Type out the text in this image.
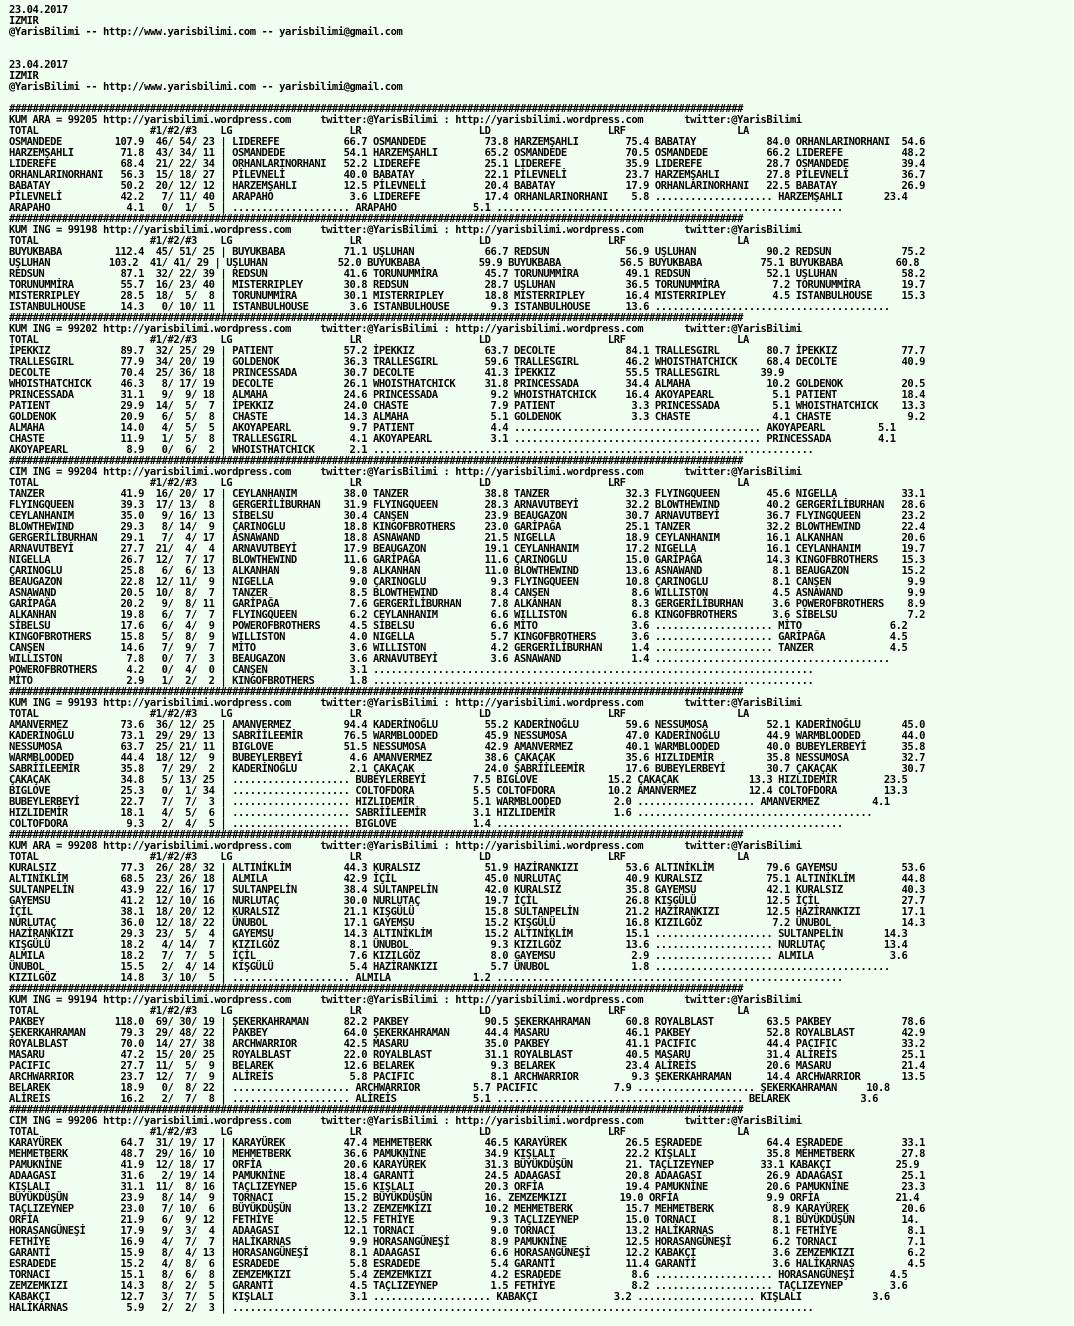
23.04.2017
IZMIR
@YarisBilimi -- http://www.yarisbilimi.com -- yarisbilimi@gmail.com

23.04.2017
IZMIR
@YarisBilimi -- http://www.yarisbilimi.com -- yarisbilimi@gmail.com

#############################################################################################################################
KUM ARA = 99205 http://yarisbilimi.wordpress.com     twitter:@YarisBilimi : http://yarisbilimi.wordpress.com       twitter:@YarisBilimi
TOTAL                   #1/#2/#3    LG                    LR                    LD                    LRF                   LA
OSMANDEDE         107.9  46/ 54/ 23 | LIDEREFE           66.7 OSMANDEDE          73.8 HARZEMŞAHLI        75.4 BABATAY            84.0 ORHANLARINORHANI  54.6
HARZEMŞAHLI        71.8  43/ 34/ 11 | OSMANDEDE          54.1 HARZEMŞAHLI        65.2 OSMANDEDE          70.5 OSMANDEDE          66.2 LIDEREFE          48.2
LIDEREFE           68.4  21/ 22/ 34 | ORHANLARINORHANI   52.2 LIDEREFE           25.1 LIDEREFE           35.9 LIDEREFE           28.7 OSMANDEDE         39.4
ORHANLARINORHANI   56.3  15/ 18/ 27 | PİLEVNELİ          40.0 BABATAY            22.1 PİLEVNELİ          23.7 HARZEMŞAHLI        27.8 PİLEVNELİ         36.7
BABATAY            50.2  20/ 12/ 12 | HARZEMŞAHLI        12.5 PİLEVNELİ          20.4 BABATAY            17.9 ORHANLARINORHANI   22.5 BABATAY           26.9
PİLEVNELİ          42.2   7/ 11/ 40 | ARAPAHO             3.6 LIDEREFE           17.4 ORHANLARINORHANI    5.8 .................... HARZEMŞAHLI       23.4
ARAPAHO             4.1   0/  1/  5 | .................... ARAPAHO             5.1 ...........................................................
#############################################################################################################################
KUM ING = 99198 http://yarisbilimi.wordpress.com     twitter:@YarisBilimi : http://yarisbilimi.wordpress.com       twitter:@YarisBilimi
TOTAL                   #1/#2/#3    LG                    LR                    LD                    LRF                   LA
BUYUKBABA         112.4  45/ 51/ 25 | BUYUKBABA          71.1 UŞLUHAN            66.7 REDSUN             56.9 UŞLUHAN            90.2 REDSUN            75.2
UŞLUHAN          103.2  41/ 41/ 29 | UŞLUHAN            52.0 BUYUKBABA          59.9 BUYUKBABA          56.5 BUYUKBABA          75.1 BUYUKBABA         60.8
REDSUN             87.1  32/ 22/ 39 | REDSUN             41.6 TORUNUMMİRA        45.7 TORUNUMMİRA        49.1 REDSUN             52.1 UŞLUHAN           58.2
TORUNUMMİRA        55.7  16/ 23/ 40 | MISTERRIPLEY       30.8 REDSUN             28.7 UŞLUHAN            36.5 TORUNUMMİRA         7.2 TORUNUMMİRA       19.7
MISTERRIPLEY       28.5  18/  5/  8 | TORUNUMMİRA        30.1 MISTERRIPLEY       18.8 MISTERRIPLEY       16.4 MISTERRIPLEY        4.5 ISTANBULHOUSE     15.3
ISTANBULHOUSE      14.3   0/ 10/ 11 | ISTANBULHOUSE       3.6 ISTANBULHOUSE       9.3 ISTANBULHOUSE      13.6 ........................................
#############################################################################################################################
KUM ING = 99202 http://yarisbilimi.wordpress.com     twitter:@YarisBilimi : http://yarisbilimi.wordpress.com       twitter:@YarisBilimi
TOTAL                   #1/#2/#3    LG                    LR                    LD                    LRF                   LA
İPEKKIZ            89.7  32/ 25/ 29 | PATIENT            57.2 İPEKKIZ            63.7 DECOLTE            84.1 TRALLESGIRL        80.7 İPEKKIZ           77.7
TRALLESGIRL        77.9  34/ 20/ 19 | GOLDENOK           36.3 TRALLESGIRL        59.6 TRALLESGIRL        46.2 WHOISTHATCHICK     68.4 DECOLTE           40.9
DECOLTE            70.4  25/ 36/ 18 | PRINCESSADA        30.7 DECOLTE            41.3 İPEKKIZ            55.5 TRALLESGIRL       39.9
WHOISTHATCHICK     46.3   8/ 17/ 19 | DECOLTE            26.1 WHOISTHATCHICK     31.8 PRINCESSADA        34.4 ALMAHA             10.2 GOLDENOK          20.5
PRINCESSADA        31.1   9/  9/ 18 | ALMAHA             24.6 PRINCESSADA         9.2 WHOISTHATCHICK     16.4 AKOYAPEARL          5.1 PATIENT           18.4
PATIENT            29.9  14/  5/  7 | İPEKKIZ            24.0 CHASTE              7.9 PATIENT             3.3 PRINCESSADA         5.1 WHOISTHATCHICK    13.3
GOLDENOK           20.9   6/  5/  8 | CHASTE             14.3 ALMAHA              5.1 GOLDENOK            3.3 CHASTE              4.1 CHASTE             9.2
ALMAHA             14.0   4/  5/  5 | AKOYAPEARL          9.7 PATIENT             4.4 .......................................... AKOYAPEARL         5.1
CHASTE             11.9   1/  5/  8 | TRALLESGIRL         4.1 AKOYAPEARL          3.1 .......................................... PRINCESSADA        4.1
AKOYAPEARL          8.9   0/  6/  2 | WHOISTHATCHICK      2.1 ...........................................................................
#############################################################################################################################
CIM ING = 99204 http://yarisbilimi.wordpress.com     twitter:@YarisBilimi : http://yarisbilimi.wordpress.com       twitter:@YarisBilimi
TOTAL                   #1/#2/#3    LG                    LR                    LD                    LRF                   LA
TANZER             41.9  16/ 20/ 17 | CEYLANHANIM        38.0 TANZER             38.8 TANZER             32.3 FLYINGQUEEN        45.6 NIGELLA           33.1
FLYINGQUEEN        39.3  17/ 13/  8 | GERGERİLİBURHAN    31.9 FLYINGQUEEN        28.3 ARNAVUTBEYİ        32.2 BLOWTHEWIND        40.2 GERGERİLİBURHAN   28.6
CEYLANHANIM        35.0   9/ 16/ 13 | SİBELSU            30.4 CANŞEN             23.9 BEAUGAZON          30.7 ARNAVUTBEYİ        36.7 FLYINGQUEEN       23.2
BLOWTHEWIND        29.3   8/ 14/  9 | ÇARINOGLU          18.8 KINGOFBROTHERS     23.0 GARİPAĞA           25.1 TANZER             32.2 BLOWTHEWIND       22.4
GERGERİLİBURHAN    29.1   7/  4/ 17 | ASNAWAND           18.8 ASNAWAND           21.5 NIGELLA            18.9 CEYLANHANIM        16.1 ALKANHAN          20.6
ARNAVUTBEYİ        27.7  21/  4/  4 | ARNAVUTBEYİ        17.9 BEAUGAZON          19.1 CEYLANHANIM        17.2 NIGELLA            16.1 CEYLANHANIM       19.7
NIGELLA            26.7  12/  7/ 17 | BLOWTHEWIND        11.6 GARİPAĞA           11.6 ÇARINOGLU          15.0 GARİPAĞA           14.3 KINGOFBROTHERS    15.3
ÇARINOGLU          25.8   6/  6/ 13 | ALKANHAN            9.8 ALKANHAN           11.0 BLOWTHEWIND        13.6 ASNAWAND            8.1 BEAUGAZON         15.2
BEAUGAZON          22.8  12/ 11/  9 | NIGELLA             9.0 ÇARINOGLU           9.3 FLYINGQUEEN        10.8 ÇARINOGLU           8.1 CANŞEN             9.9
ASNAWAND           20.5  10/  8/  7 | TANZER              8.5 BLOWTHEWIND         8.4 CANŞEN              8.6 WILLISTON           4.5 ASNAWAND           9.9
GARİPAĞA           20.2   9/  8/ 11 | GARİPAĞA            7.6 GERGERİLİBURHAN     7.8 ALKANHAN            8.3 GERGERİLİBURHAN     3.6 POWEROFBROTHERS    8.9
ALKANHAN           19.8   6/  7/  7 | FLYINGQUEEN         6.2 CEYLANHANIM         6.6 WILLISTON           6.8 KINGOFBROTHERS      3.6 SİBELSU            7.2
SİBELSU            17.6   6/  4/  9 | POWEROFBROTHERS     4.5 SİBELSU             6.6 MİTO                3.6 .................... MİTO               6.2
KINGOFBROTHERS     15.8   5/  8/  9 | WILLISTON           4.0 NIGELLA             5.7 KINGOFBROTHERS      3.6 .................... GARİPAĞA           4.5
CANŞEN             14.6   7/  9/  7 | MİTO                3.6 WILLISTON           4.2 GERGERİLİBURHAN     1.4 .................... TANZER             4.5
WILLISTON           7.8   0/  7/  3 | BEAUGAZON           3.6 ARNAVUTBEYİ         3.6 ASNAWAND            1.4 ........................................
POWEROFBROTHERS     4.2   0/  4/  0 | CANŞEN              3.1 ...........................................................................
MİTO                2.9   1/  2/  2 | KINGOFBROTHERS      1.8 ...........................................................................
#############################################################################################################################
KUM ING = 99193 http://yarisbilimi.wordpress.com     twitter:@YarisBilimi : http://yarisbilimi.wordpress.com       twitter:@YarisBilimi
TOTAL                   #1/#2/#3    LG                    LR                    LD                    LRF                   LA
AMANVERMEZ         73.6  36/ 12/ 25 | AMANVERMEZ         94.4 KADERİNOĞLU        55.2 KADERİNOĞLU        59.6 NESSUMOSA          52.1 KADERİNOĞLU       45.0
KADERİNOĞLU        73.1  29/ 29/ 13 | SABRİİLEEMİR       76.5 WARMBLOODED        45.9 NESSUMOSA          47.0 KADERİNOĞLU        44.9 WARMBLOODED       44.0
NESSUMOSA          63.7  25/ 21/ 11 | BIGLOVE            51.5 NESSUMOSA          42.9 AMANVERMEZ         40.1 WARMBLOODED        40.0 BUBEYLERBEYİ      35.8
WARMBLOODED        44.4  18/ 12/  9 | BUBEYLERBEYİ        4.6 AMANVERMEZ         38.6 ÇAKAÇAK            35.6 HIZLIDEMİR         35.8 NESSUMOSA         32.7
SABRİİLEEMİR       35.8   7/ 29/  2 | KADERİNOĞLU         2.1 ÇAKAÇAK            24.0 ŞABRİİLEEMİR       17.6 BUBEYLERBEYİ       30.7 ÇAKAÇAK           30.7
ÇAKAÇAK            34.8   5/ 13/ 25 | .................... BUBEYLERBEYİ        7.5 BIGLOVE            15.2 ÇAKAÇAK            13.3 HIZLIDEMİR        23.5
BIGLOVE            25.3   0/  1/ 34 | .................... COLTOFDORA          5.5 COLTOFDORA         10.2 AMANVERMEZ         12.4 COLTOFDORA        13.3
BUBEYLERBEYİ       22.7   7/  7/  3 | .................... HIZLIDEMİR          5.1 WARMBLOODED         2.0 .................... AMANVERMEZ         4.1
HIZLIDEMİR         18.1   4/  5/  6 | .................... SABRİİLEEMİR        3.1 HIZLIDEMİR          1.6 ........................................
COLTOFDORA          9.3   2/  4/  5 | .................... BIGLOVE             1.4 ...........................................................
#############################################################################################################################
KUM ARA = 99208 http://yarisbilimi.wordpress.com     twitter:@YarisBilimi : http://yarisbilimi.wordpress.com       twitter:@YarisBilimi
TOTAL                   #1/#2/#3    LG                    LR                    LD                    LRF                   LA
KURALSIZ           77.3  26/ 28/ 32 | ALTINİKLİM         44.3 KURALSIZ           51.9 HAZİRANKIZI        53.6 ALTINİKLİM         79.6 GAYEMSU           53.6
ALTINİKLİM         68.5  23/ 26/ 18 | ALMILA             42.9 İÇİL               45.0 NURLUTAÇ           40.9 KURALSIZ           75.1 ALTINİKLİM        44.8
SULTANPELİN        43.9  22/ 16/ 17 | SULTANPELİN        38.4 SULTANPELİN        42.0 KURALSIZ           35.8 GAYEMSU            42.1 KURALSIZ          40.3
GAYEMSU            41.2  12/ 10/ 16 | NURLUTAÇ           30.0 NURLUTAÇ           19.7 İÇİL               26.8 KIŞGÜLÜ            12.5 İÇİL              27.7
İÇİL               38.1  18/ 20/ 12 | KURALSIZ           21.1 KIŞGÜLÜ            15.8 SULTANPELİN        21.2 HAZİRANKIZI        12.5 HAZİRANKIZI       17.1
NURLUTAÇ           36.0  12/ 18/ 22 | ÜNUBOL             17.1 GAYEMSU            15.2 KIŞGÜLÜ            16.8 KIZILGÖZ            7.2 ÜNUBOL            14.3
HAZİRANKIZI        29.3  23/  5/  4 | GAYEMSU            14.3 ALTINİKLİM         15.2 ALTINİKLİM         15.1 .................... SULTANPELİN       14.3
KIŞGÜLÜ            18.2   4/ 14/  7 | KIZILGÖZ            8.1 ÜNUBOL              9.3 KIZILGÖZ           13.6 .................... NURLUTAÇ          13.4
ALMILA             18.2   7/  7/  5 | İÇİL                7.6 KIZILGÖZ            8.0 GAYEMSU             2.9 .................... ALMILA             3.6
ÜNUBOL             15.5   2/  4/ 14 | KIŞGÜLÜ             5.4 HAZİRANKIZI         5.7 ÜNUBOL              1.8 ........................................
KIZILGÖZ           14.8   3/ 10/  5 | .................... ALMILA              1.2 ...........................................................
#############################################################################################################################
KUM ING = 99194 http://yarisbilimi.wordpress.com     twitter:@YarisBilimi : http://yarisbilimi.wordpress.com       twitter:@YarisBilimi
TOTAL                   #1/#2/#3    LG                    LR                    LD                    LRF                   LA
PAKBEY            118.0  69/ 30/ 19 | ŞEKERKAHRAMAN      82.2 PAKBEY             90.5 ŞEKERKAHRAMAN      60.8 ROYALBLAST         63.5 PAKBEY            78.6
ŞEKERKAHRAMAN      79.3  29/ 48/ 22 | PAKBEY             64.0 ŞEKERKAHRAMAN      44.4 MASARU             46.1 PAKBEY             52.8 ROYALBLAST        42.9
ROYALBLAST         70.0  14/ 27/ 38 | ARCHWARRIOR        42.5 MASARU             35.0 PAKBEY             41.1 PACIFIC            44.4 PACIFIC           33.2
MASARU             47.2  15/ 20/ 25 | ROYALBLAST         22.0 ROYALBLAST         31.1 ROYALBLAST         40.5 MASARU             31.4 ALİREİS           25.1
PACIFIC            27.7  11/  5/  9 | BELAREK            12.6 BELAREK             9.3 BELAREK            23.4 ALİREİS            20.6 MASARU            21.4
ARCHWARRIOR        23.7  12/  7/  9 | ALİREİS             5.8 PACIFIC             8.1 ARCHWARRIOR         9.3 ŞEKERKAHRAMAN      14.4 ARCHWARRIOR       13.5
BELAREK            18.9   0/  8/ 22 | .................... ARCHWARRIOR         5.7 PACIFIC             7.9 .................... ŞEKERKAHRAMAN     10.8
ALİREİS            16.2   2/  7/  8 | .................... ALİREİS             5.1 .......................................... BELAREK            3.6
#############################################################################################################################
CIM ING = 99206 http://yarisbilimi.wordpress.com     twitter:@YarisBilimi : http://yarisbilimi.wordpress.com       twitter:@YarisBilimi
TOTAL                   #1/#2/#3    LG                    LR                    LD                    LRF                   LA
KARAYÜREK          64.7  31/ 19/ 17 | KARAYÜREK          47.4 MEHMETBERK         46.5 KARAYÜREK          26.5 EŞRADEDE           64.4 EŞRADEDE          33.1
MEHMETBERK         48.7  29/ 16/ 10 | MEHMETBERK         36.6 PAMUKNİNE          34.9 KIŞLALI            22.2 KIŞLALI            35.8 MEHMETBERK        27.8
PAMUKNİNE          41.9  12/ 18/ 17 | ORFİA              20.6 KARAYÜREK          31.3 BÜYÜKDÜŞÜN         21. TAÇLIZEYNEP        33.1 KABAKÇI           25.9
ADAAGASI           31.6   2/ 19/ 14 | PAMUKNİNE          18.4 GARANTİ            24.5 ADAAGASI           20.8 ADAAGASI           26.9 ADAAGASI          25.1
KIŞLALI            31.1  11/  8/ 16 | TAÇLIZEYNEP        15.6 KIŞLALI            20.3 ORFİA              19.4 PAMUKNİNE          20.6 PAMUKNİNE         23.3
BÜYÜKDÜŞÜN         23.9   8/ 14/  9 | TORNACI            15.2 BÜYÜKDÜŞÜN         16. ZEMZEMKIZI         19.0 ORFİA               9.9 ORFİA             21.4
TAÇLIZEYNEP        23.0   7/ 10/  6 | BÜYÜKDÜŞÜN         13.2 ZEMZEMKIZI         10.2 MEHMETBERK         15.7 MEHMETBERK          8.9 KARAYÜREK         20.6
ORFİA              21.9   6/  9/ 12 | FETHİYE            12.5 FETHİYE             9.3 TAÇLIZEYNEP        15.0 TORNACI             8.1 BÜYÜKDÜŞÜN        14.
HORASANGÜNEŞİ      17.9   9/  3/  4 | ADAAGASI           12.1 TORNACI             9.0 TORNACI            13.2 HALİKARNAS          8.1 FETHİYE            8.1
FETHİYE            16.9   4/  7/  7 | HALİKARNAS          9.9 HORASANGÜNEŞİ       8.9 PAMUKNİNE          12.5 HORASANGÜNEŞİ       6.2 TORNACI            7.1
GARANTİ            15.9   8/  4/ 13 | HORASANGÜNEŞİ       8.1 ADAAGASI            6.6 HORASANGÜNEŞİ      12.2 KABAKÇI             3.6 ZEMZEMKIZI         6.2
ESRADEDE           15.2   4/  8/  6 | ESRADEDE            5.8 ESRADEDE            5.4 GARANTİ            11.4 GARANTİ             3.6 HALİKARNAS         4.5
TORNACI            15.1   8/  6/  8 | ZEMZEMKIZI          5.4 ZEMZEMKIZI          4.2 ESRADEDE            8.6 .................... HORASANGÜNEŞİ      4.5
ZEMZEMKIZI         14.3   8/  2/  5 | GARANTİ             4.5 TAÇLIZEYNEP         1.5 FETHİYE             8.2 .................... TAÇLIZEYNEP        3.6
KABAKÇI            12.7   3/  7/  5 | KIŞLALI             3.1 .................... KABAKÇI             3.2 .................... KIŞLALI            3.6
HALİKARNAS          5.9   2/  2/  3 | ...................................................................................................
